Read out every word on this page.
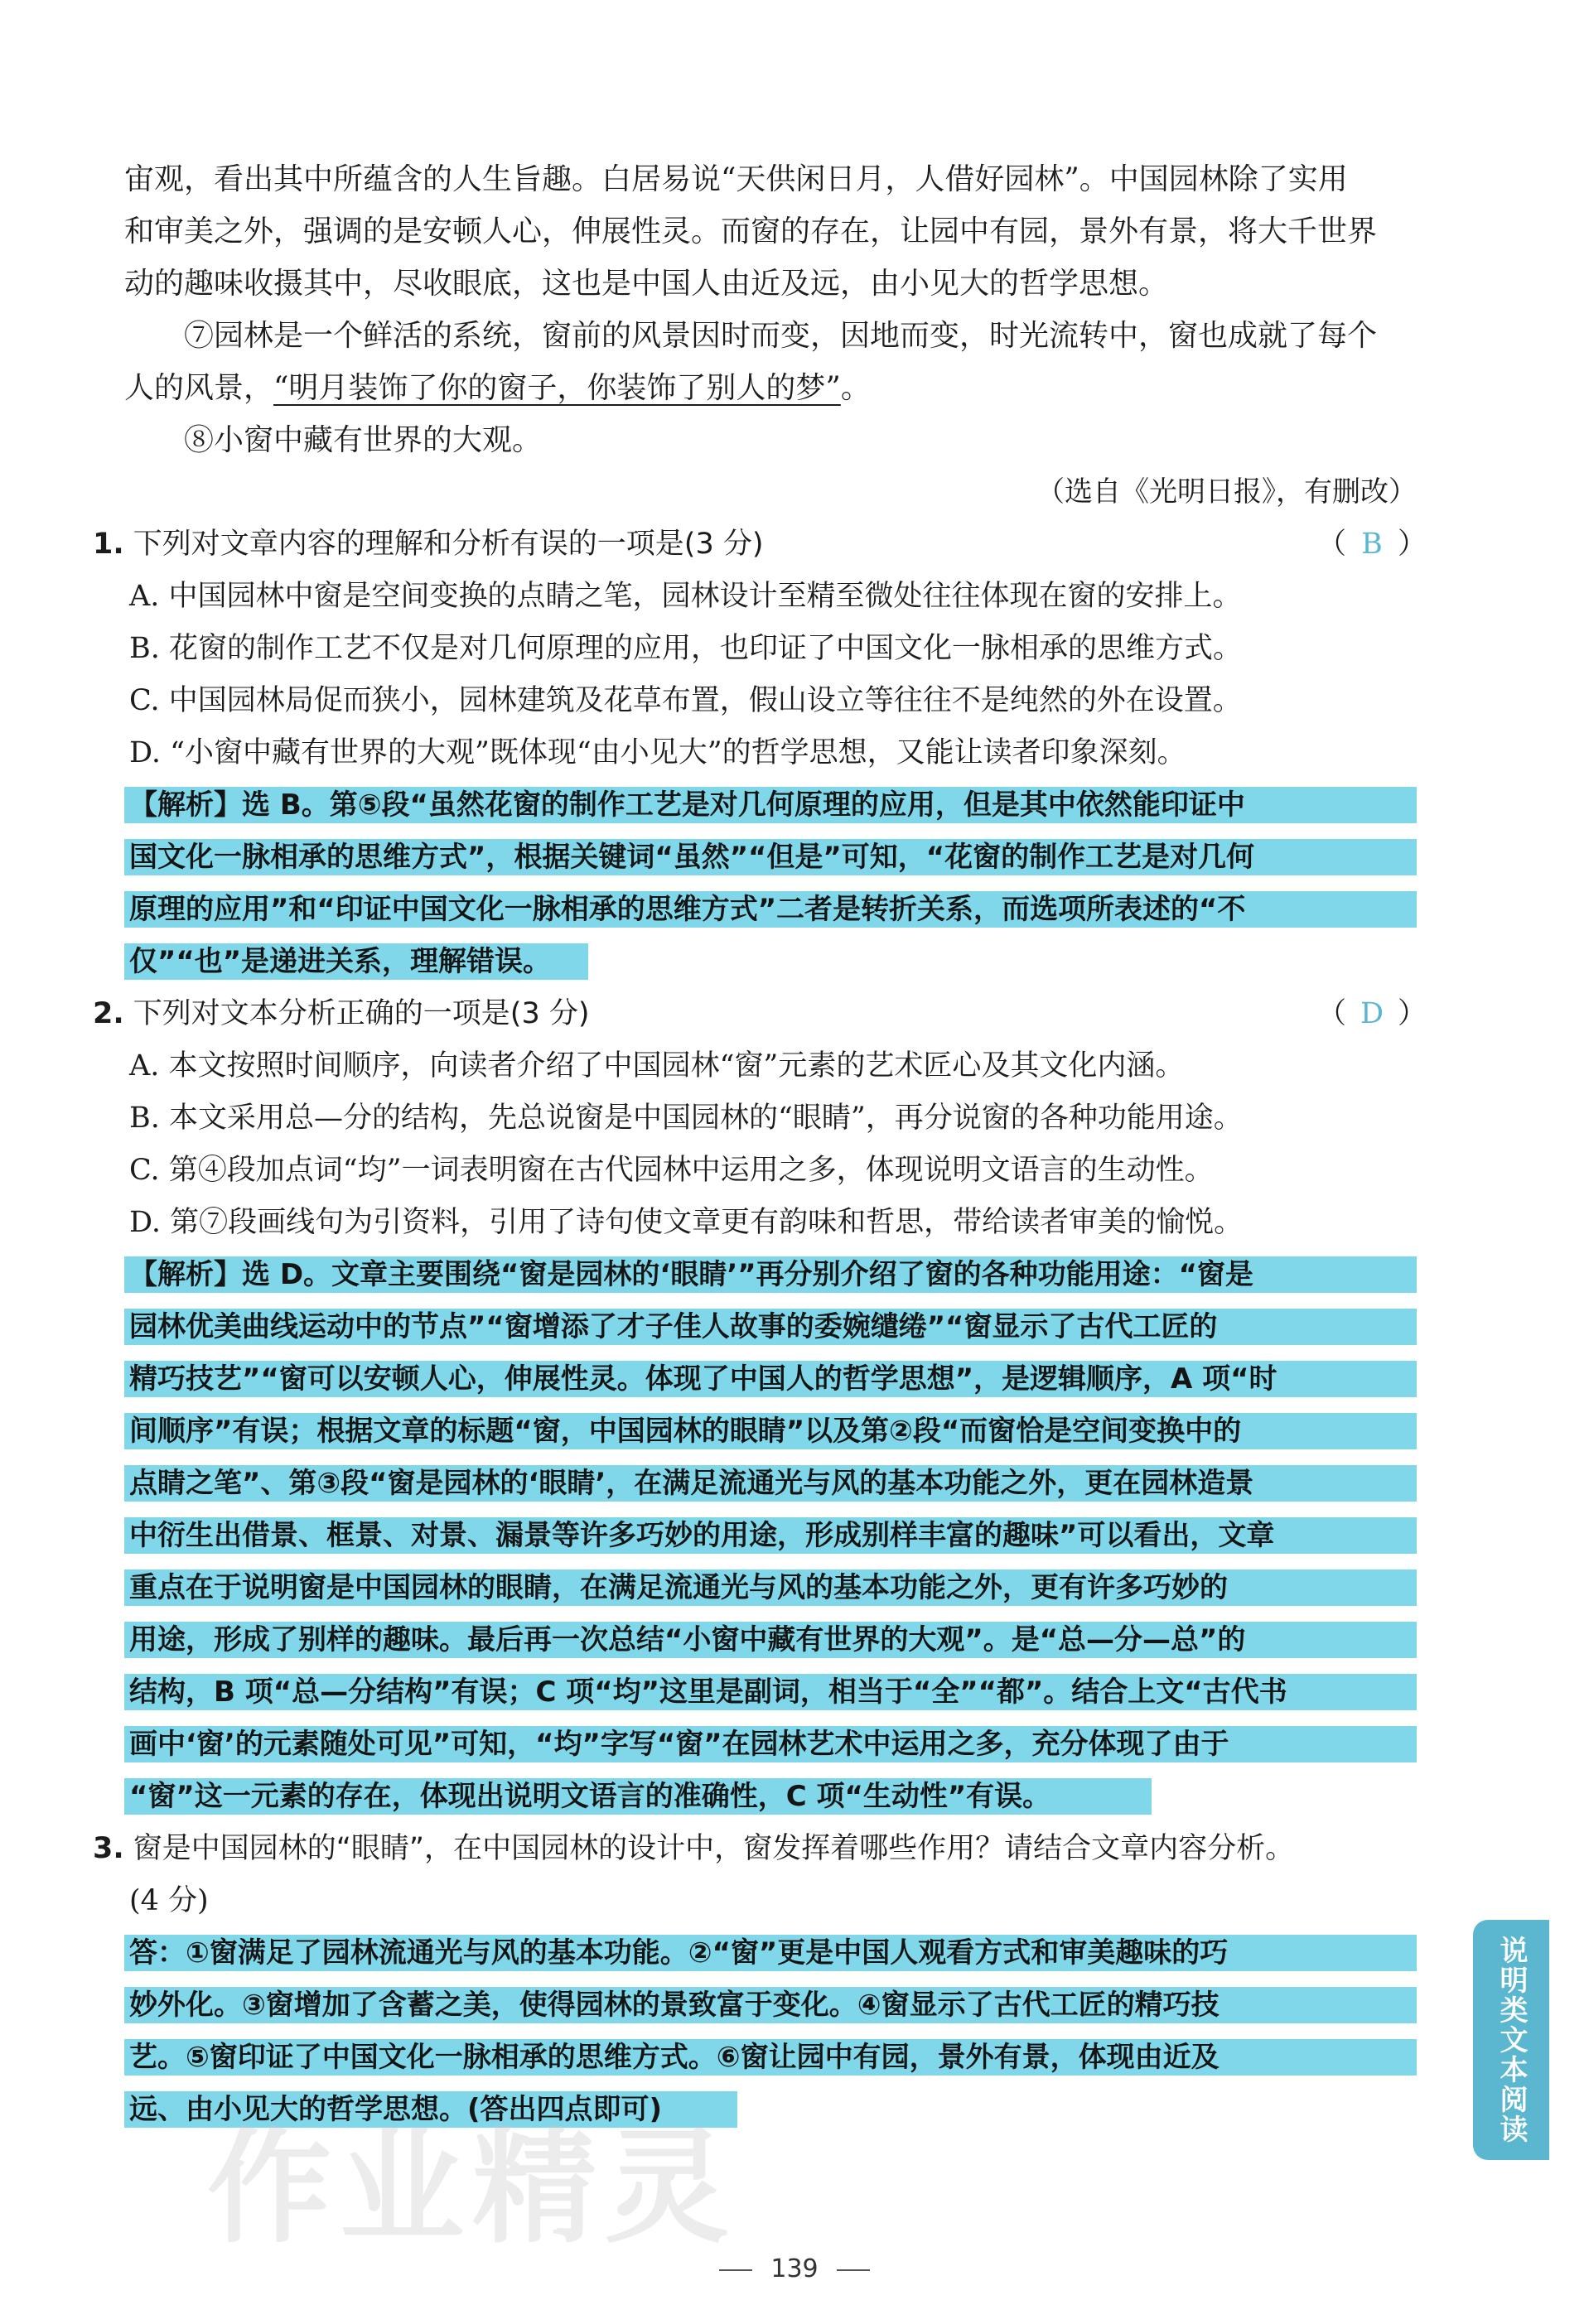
宙观，看出其中所蕴含的人生旨趣。白居易说“天供闲日月，人借好园林”。中国园林除了实用
和审美之外，强调的是安顿人心，伸展性灵。而窗的存在，让园中有园，景外有景，将大千世界
动的趣味收摄其中，尽收眼底，这也是中国人由近及远，由小见大的哲学思想。
⑦园林是一个鲜活的系统，窗前的风景因时而变，因地而变，时光流转中，窗也成就了每个
人的风景，“明月装饰了你的窗子，你装饰了别人的梦”。
⑧小窗中藏有世界的大观。
（选自《光明日报》，有删改）
1. 下列对文章内容的理解和分析有误的一项是(3 分)	（ B ）
A. 中国园林中窗是空间变换的点睛之笔，园林设计至精至微处往往体现在窗的安排上。
B. 花窗的制作工艺不仅是对几何原理的应用，也印证了中国文化一脉相承的思维方式。
C. 中国园林局促而狭小，园林建筑及花草布置，假山设立等往往不是纯然的外在设置。
D. “小窗中藏有世界的大观”既体现“由小见大”的哲学思想，又能让读者印象深刻。
【解析】选 B。第⑤段“虽然花窗的制作工艺是对几何原理的应用，但是其中依然能印证中
国文化一脉相承的思维方式”，根据关键词“虽然”“但是”可知，“花窗的制作工艺是对几何
原理的应用”和“印证中国文化一脉相承的思维方式”二者是转折关系，而选项所表述的“不
仅”“也”是递进关系，理解错误。
2. 下列对文本分析正确的一项是(3 分)	（ D ）
A. 本文按照时间顺序，向读者介绍了中国园林“窗”元素的艺术匠心及其文化内涵。
B. 本文采用总—分的结构，先总说窗是中国园林的“眼睛”，再分说窗的各种功能用途。
C. 第④段加点词“均”一词表明窗在古代园林中运用之多，体现说明文语言的生动性。
D. 第⑦段画线句为引资料，引用了诗句使文章更有韵味和哲思，带给读者审美的愉悦。
【解析】选 D。文章主要围绕“窗是园林的‘眼睛’”再分别介绍了窗的各种功能用途：“窗是
园林优美曲线运动中的节点”“窗增添了才子佳人故事的委婉缱绻”“窗显示了古代工匠的
精巧技艺”“窗可以安顿人心，伸展性灵。体现了中国人的哲学思想”，是逻辑顺序，A 项“时
间顺序”有误；根据文章的标题“窗，中国园林的眼睛”以及第②段“而窗恰是空间变换中的
点睛之笔”、第③段“窗是园林的‘眼睛’，在满足流通光与风的基本功能之外，更在园林造景
中衍生出借景、框景、对景、漏景等许多巧妙的用途，形成别样丰富的趣味”可以看出，文章
重点在于说明窗是中国园林的眼睛，在满足流通光与风的基本功能之外，更有许多巧妙的
用途，形成了别样的趣味。最后再一次总结“小窗中藏有世界的大观”。是“总—分—总”的
结构，B 项“总—分结构”有误；C 项“均”这里是副词，相当于“全”“都”。结合上文“古代书
画中‘窗’的元素随处可见”可知，“均”字写“窗”在园林艺术中运用之多，充分体现了由于
“窗”这一元素的存在，体现出说明文语言的准确性，C 项“生动性”有误。
3. 窗是中国园林的“眼睛”，在中国园林的设计中，窗发挥着哪些作用？请结合文章内容分析。
(4 分)
答：①窗满足了园林流通光与风的基本功能。②“窗”更是中国人观看方式和审美趣味的巧
妙外化。③窗增加了含蓄之美，使得园林的景致富于变化。④窗显示了古代工匠的精巧技
艺。⑤窗印证了中国文化一脉相承的思维方式。⑥窗让园中有园，景外有景，体现由近及
远、由小见大的哲学思想。(答出四点即可)
作业精灵
说明类文本阅读
139
